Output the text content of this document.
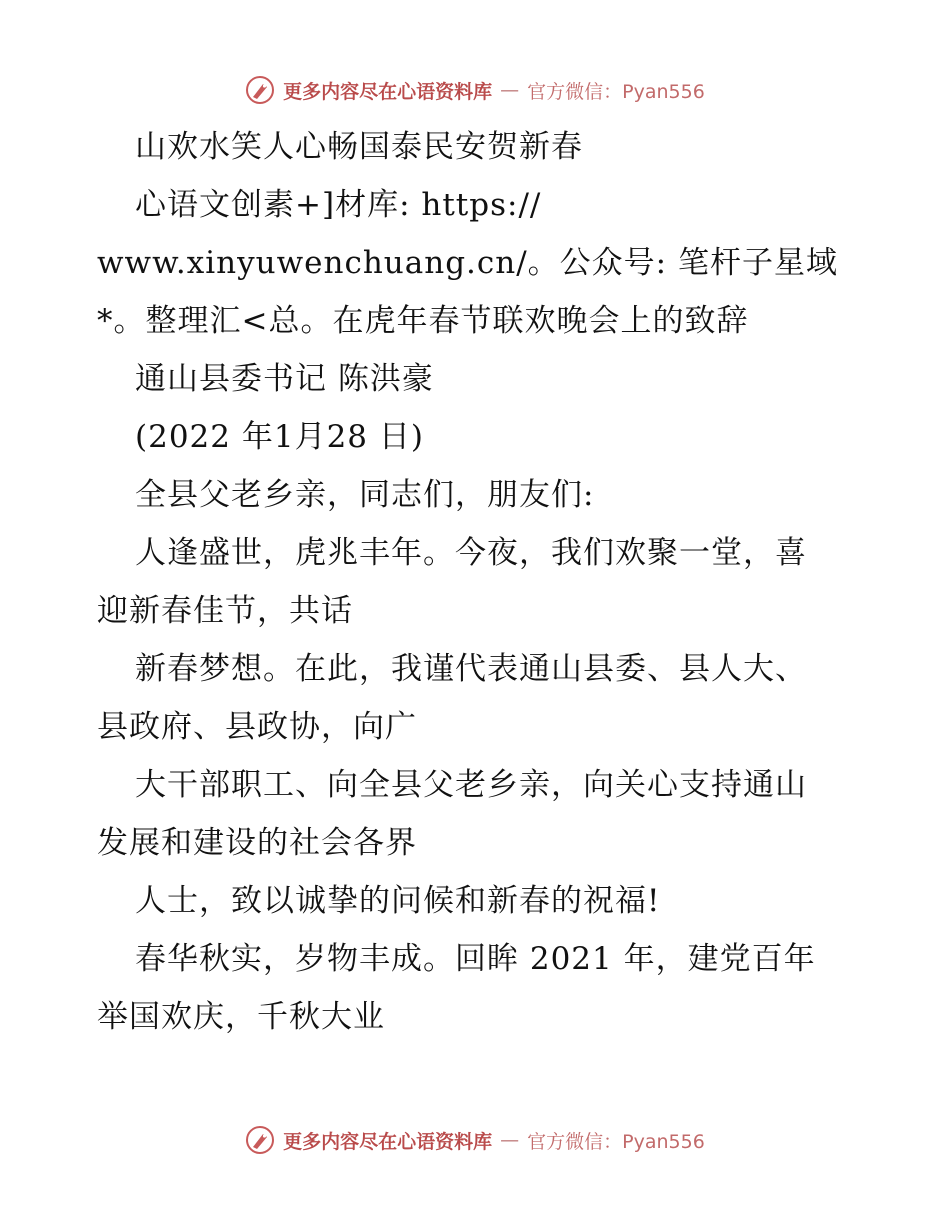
更多内容尽在心语资料库 — 官方微信：Pyan556

山欢水笑人心畅国泰民安贺新春

心语文创素+]材库: https://

www.xinyuwenchuang.cn/。公众号: 笔杆子星域

*。整理汇<总。在虎年春节联欢晚会上的致辞

通山县委书记 陈洪豪

(2022 年1月28 日)

全县父老乡亲，同志们，朋友们:

人逢盛世，虎兆丰年。今夜，我们欢聚一堂，喜

迎新春佳节，共话

新春梦想。在此，我谨代表通山县委、县人大、

县政府、县政协，向广

大干部职工、向全县父老乡亲，向关心支持通山

发展和建设的社会各界

人士，致以诚挚的问候和新春的祝福!

春华秋实，岁物丰成。回眸 2021 年，建党百年

举国欢庆，千秋大业

更多内容尽在心语资料库 — 官方微信：Pyan556
